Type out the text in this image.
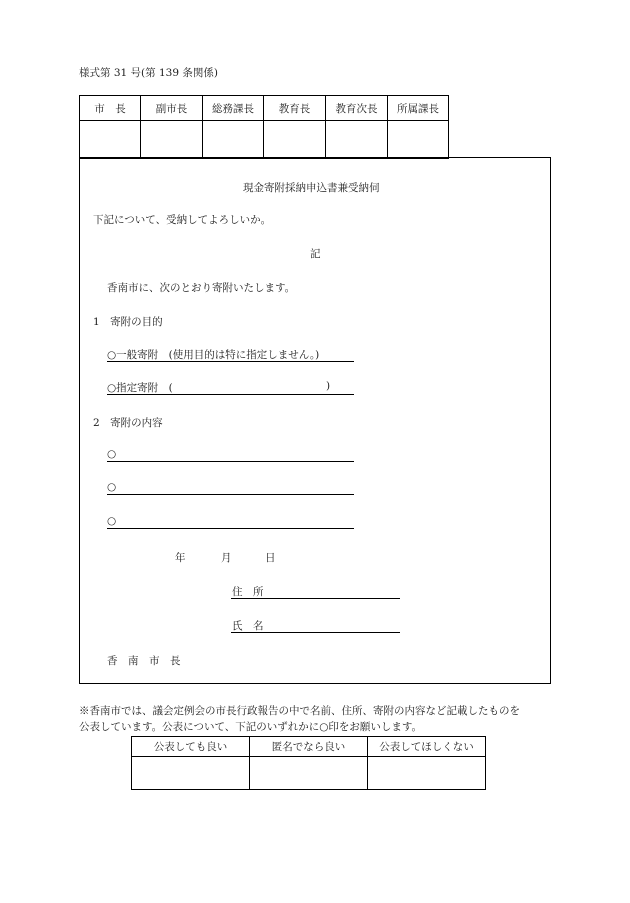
様式第 31 号(第 139 条関係)
市　長	副市長	総務課長	教育長	教育次長	所属課長

現金寄附採納申込書兼受納伺
下記について、受納してよろしいか。
記
香南市に、次のとおり寄附いたします。
1　寄附の目的
○一般寄附　(使用目的は特に指定しません。)
○指定寄附　(	)
2　寄附の内容
○
○
○
年	月	日
住　所
氏　名
香　南　市　長
※香南市では、議会定例会の市長行政報告の中で名前、住所、寄附の内容など記載したものを
公表しています。公表について、下記のいずれかに○印をお願いします。
公表しても良い	匿名でなら良い	公表してほしくない
